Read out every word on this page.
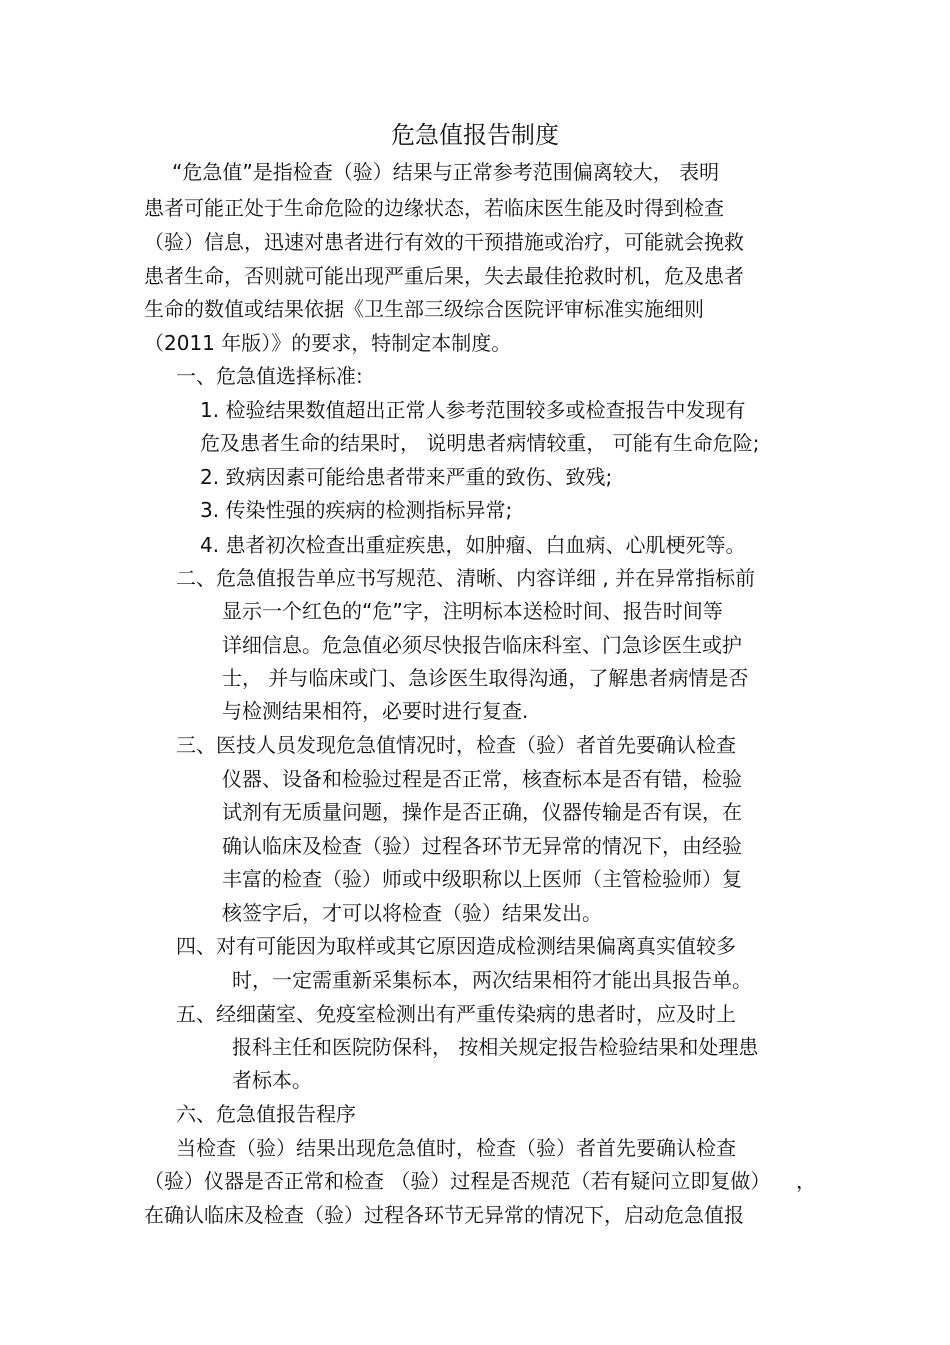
危急值报告制度
“危急值”是指检查（验）结果与正常参考范围偏离较大， 表明
患者可能正处于生命危险的边缘状态，若临床医生能及时得到检查
（验）信息，迅速对患者进行有效的干预措施或治疗，可能就会挽救
患者生命，否则就可能出现严重后果，失去最佳抢救时机，危及患者
生命的数值或结果依据《卫生部三级综合医院评审标准实施细则
（2011 年版）》的要求，特制定本制度。
一、危急值选择标准:
1. 检验结果数值超出正常人参考范围较多或检查报告中发现有
危及患者生命的结果时， 说明患者病情较重， 可能有生命危险;
2. 致病因素可能给患者带来严重的致伤、致残;
3. 传染性强的疾病的检测指标异常;
4. 患者初次检查出重症疾患，如肿瘤、白血病、心肌梗死等。
二、危急值报告单应书写规范、清晰、内容详细 , 并在异常指标前
显示一个红色的“危”字，注明标本送检时间、报告时间等
详细信息。危急值必须尽快报告临床科室、门急诊医生或护
士， 并与临床或门、急诊医生取得沟通，了解患者病情是否
与检测结果相符，必要时进行复查.
三、医技人员发现危急值情况时，检查（验）者首先要确认检查
仪器、设备和检验过程是否正常，核查标本是否有错，检验
试剂有无质量问题，操作是否正确，仪器传输是否有误，在
确认临床及检查（验）过程各环节无异常的情况下，由经验
丰富的检查（验）师或中级职称以上医师（主管检验师）复
核签字后，才可以将检查（验）结果发出。
四、对有可能因为取样或其它原因造成检测结果偏离真实值较多
时，一定需重新采集标本，两次结果相符才能出具报告单。
五、经细菌室、免疫室检测出有严重传染病的患者时，应及时上
报科主任和医院防保科， 按相关规定报告检验结果和处理患
者标本。
六、危急值报告程序
当检查（验）结果出现危急值时，检查（验）者首先要确认检查
（验）仪器是否正常和检查 （验）过程是否规范（若有疑问立即复做） ，
在确认临床及检查（验）过程各环节无异常的情况下，启动危急值报
